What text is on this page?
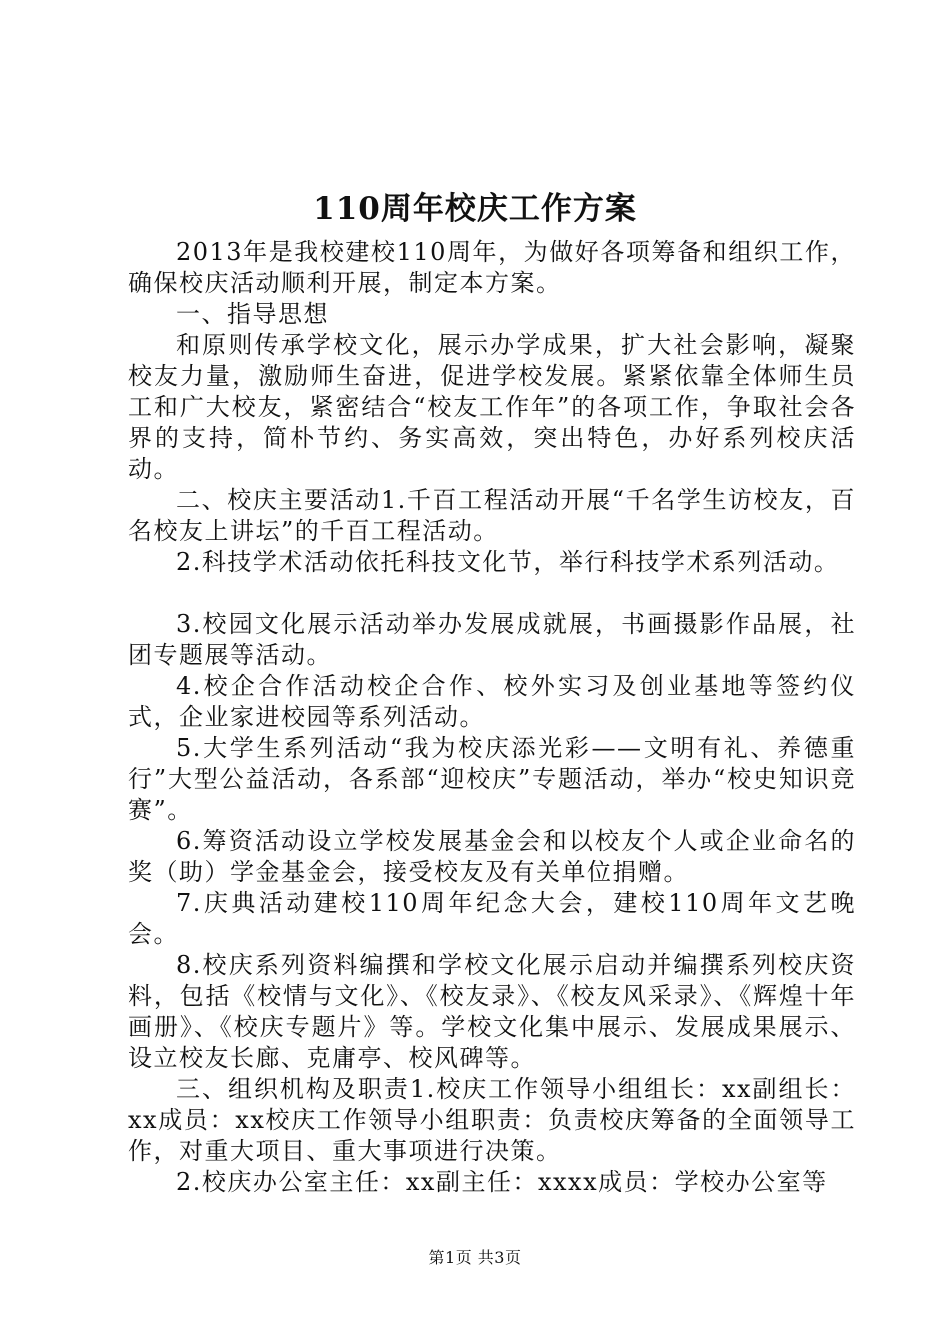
110周年校庆工作方案

2013年是我校建校110周年，为做好各项筹备和组织工作，确保校庆活动顺利开展，制定本方案。

一、指导思想

和原则传承学校文化，展示办学成果，扩大社会影响，凝聚校友力量，激励师生奋进，促进学校发展。紧紧依靠全体师生员工和广大校友，紧密结合“校友工作年”的各项工作，争取社会各界的支持，简朴节约、务实高效，突出特色，办好系列校庆活动。

二、校庆主要活动1.千百工程活动开展“千名学生访校友，百名校友上讲坛”的千百工程活动。

2.科技学术活动依托科技文化节，举行科技学术系列活动。

3.校园文化展示活动举办发展成就展，书画摄影作品展，社团专题展等活动。

4.校企合作活动校企合作、校外实习及创业基地等签约仪式，企业家进校园等系列活动。

5.大学生系列活动“我为校庆添光彩——文明有礼、养德重行”大型公益活动，各系部“迎校庆”专题活动，举办“校史知识竞赛”。

6.筹资活动设立学校发展基金会和以校友个人或企业命名的奖（助）学金基金会，接受校友及有关单位捐赠。

7.庆典活动建校110周年纪念大会，建校110周年文艺晚会。

8.校庆系列资料编撰和学校文化展示启动并编撰系列校庆资料，包括《校情与文化》、《校友录》、《校友风采录》、《辉煌十年画册》、《校庆专题片》等。学校文化集中展示、发展成果展示、设立校友长廊、克庸亭、校风碑等。

三、组织机构及职责1.校庆工作领导小组组长：xx副组长：xx成员：xx校庆工作领导小组职责：负责校庆筹备的全面领导工作，对重大项目、重大事项进行决策。

2.校庆办公室主任：xx副主任：xxxx成员：学校办公室等

第1页 共3页
